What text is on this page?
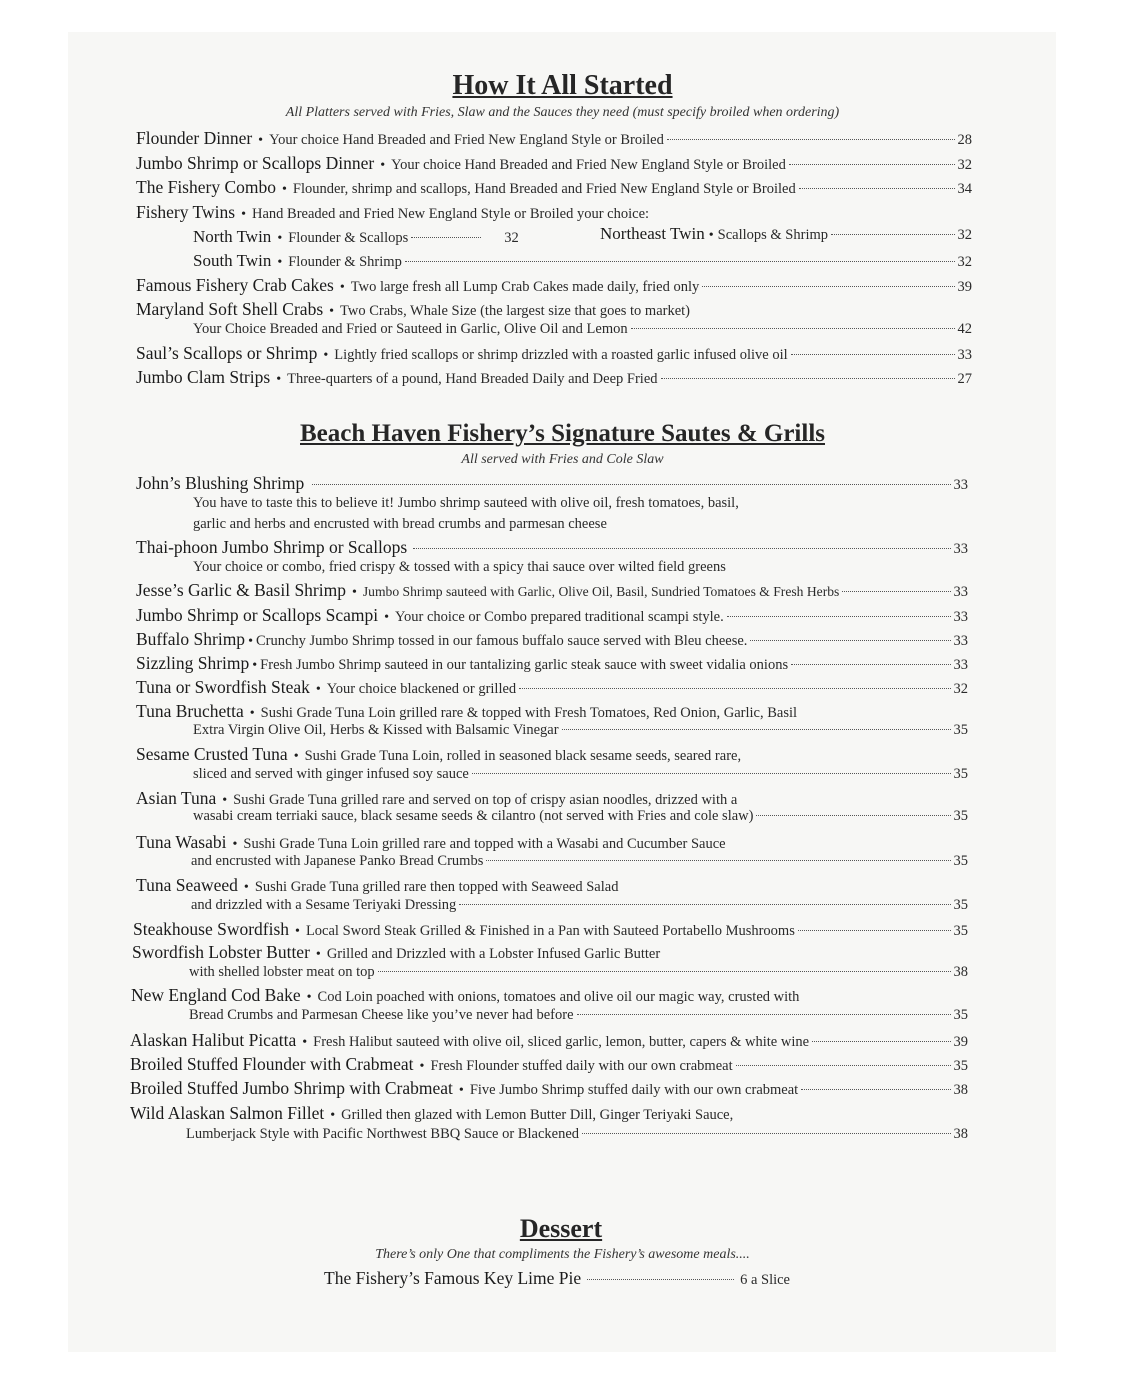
How It All Started
All Platters served with Fries, Slaw and the Sauces they need (must specify broiled when ordering)
Flounder Dinner • Your choice Hand Breaded and Fried New England Style or Broiled	28
Jumbo Shrimp or Scallops Dinner • Your choice Hand Breaded and Fried New England Style or Broiled	32
The Fishery Combo • Flounder, shrimp and scallops, Hand Breaded and Fried New England Style or Broiled	34
Fishery Twins • Hand Breaded and Fried New England Style or Broiled your choice:
North Twin • Flounder & Scallops	32	Northeast Twin • Scallops & Shrimp	32
South Twin • Flounder & Shrimp	32
Famous Fishery Crab Cakes • Two large fresh all Lump Crab Cakes made daily, fried only	39
Maryland Soft Shell Crabs • Two Crabs, Whale Size (the largest size that goes to market)
Your Choice Breaded and Fried or Sauteed in Garlic, Olive Oil and Lemon	42
Saul’s Scallops or Shrimp • Lightly fried scallops or shrimp drizzled with a roasted garlic infused olive oil	33
Jumbo Clam Strips • Three-quarters of a pound, Hand Breaded Daily and Deep Fried	27
Beach Haven Fishery’s Signature Sautes & Grills
All served with Fries and Cole Slaw
John’s Blushing Shrimp	33
You have to taste this to believe it! Jumbo shrimp sauteed with olive oil, fresh tomatoes, basil,
garlic and herbs and encrusted with bread crumbs and parmesan cheese
Thai-phoon Jumbo Shrimp or Scallops	33
Your choice or combo, fried crispy & tossed with a spicy thai sauce over wilted field greens
Jesse’s Garlic & Basil Shrimp • Jumbo Shrimp sauteed with Garlic, Olive Oil, Basil, Sundried Tomatoes & Fresh Herbs	33
Jumbo Shrimp or Scallops Scampi • Your choice or Combo prepared traditional scampi style.	33
Buffalo Shrimp • Crunchy Jumbo Shrimp tossed in our famous buffalo sauce served with Bleu cheese.	33
Sizzling Shrimp • Fresh Jumbo Shrimp sauteed in our tantalizing garlic steak sauce with sweet vidalia onions	33
Tuna or Swordfish Steak • Your choice blackened or grilled	32
Tuna Bruchetta • Sushi Grade Tuna Loin grilled rare & topped with Fresh Tomatoes, Red Onion, Garlic, Basil
Extra Virgin Olive Oil, Herbs & Kissed with Balsamic Vinegar	35
Sesame Crusted Tuna • Sushi Grade Tuna Loin, rolled in seasoned black sesame seeds, seared rare,
sliced and served with ginger infused soy sauce	35
Asian Tuna • Sushi Grade Tuna grilled rare and served on top of crispy asian noodles, drizzed with a
wasabi cream terriaki sauce, black sesame seeds & cilantro (not served with Fries and cole slaw)	35
Tuna Wasabi • Sushi Grade Tuna Loin grilled rare and topped with a Wasabi and Cucumber Sauce
and encrusted with Japanese Panko Bread Crumbs	35
Tuna Seaweed • Sushi Grade Tuna grilled rare then topped with Seaweed Salad
and drizzled with a Sesame Teriyaki Dressing	35
Steakhouse Swordfish • Local Sword Steak Grilled & Finished in a Pan with Sauteed Portabello Mushrooms	35
Swordfish Lobster Butter • Grilled and Drizzled with a Lobster Infused Garlic Butter
with shelled lobster meat on top	38
New England Cod Bake • Cod Loin poached with onions, tomatoes and olive oil our magic way, crusted with
Bread Crumbs and Parmesan Cheese like you’ve never had before	35
Alaskan Halibut Picatta • Fresh Halibut sauteed with olive oil, sliced garlic, lemon, butter, capers & white wine	39
Broiled Stuffed Flounder with Crabmeat • Fresh Flounder stuffed daily with our own crabmeat	35
Broiled Stuffed Jumbo Shrimp with Crabmeat • Five Jumbo Shrimp stuffed daily with our own crabmeat	38
Wild Alaskan Salmon Fillet • Grilled then glazed with Lemon Butter Dill, Ginger Teriyaki Sauce,
Lumberjack Style with Pacific Northwest BBQ Sauce or Blackened	38
Dessert
There’s only One that compliments the Fishery’s awesome meals....
The Fishery’s Famous Key Lime Pie	6 a Slice
